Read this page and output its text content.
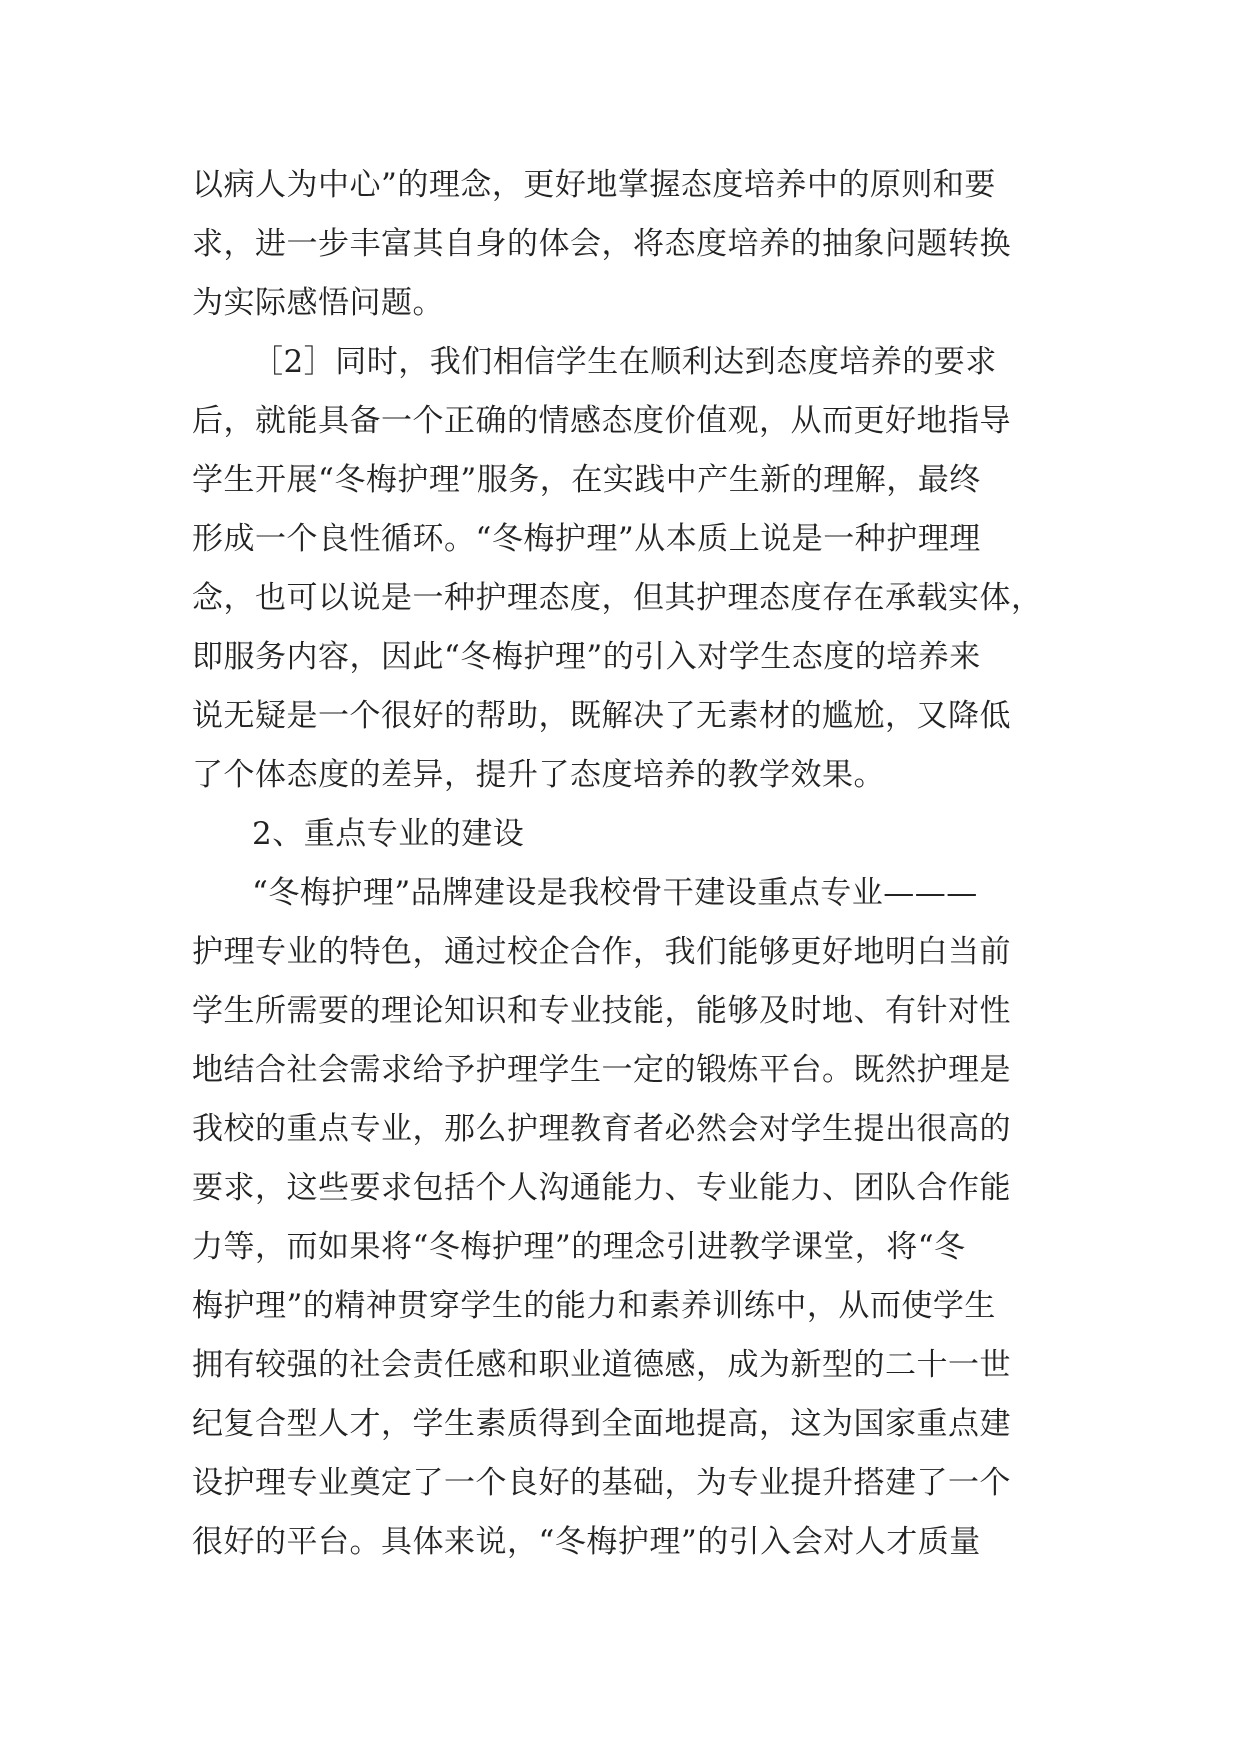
以病人为中心”的理念，更好地掌握态度培养中的原则和要
求，进一步丰富其自身的体会，将态度培养的抽象问题转换
为实际感悟问题。
［2］同时，我们相信学生在顺利达到态度培养的要求
后，就能具备一个正确的情感态度价值观，从而更好地指导
学生开展“冬梅护理”服务，在实践中产生新的理解，最终
形成一个良性循环。“冬梅护理”从本质上说是一种护理理
念，也可以说是一种护理态度，但其护理态度存在承载实体，
即服务内容，因此“冬梅护理”的引入对学生态度的培养来
说无疑是一个很好的帮助，既解决了无素材的尴尬，又降低
了个体态度的差异，提升了态度培养的教学效果。
2、重点专业的建设
“冬梅护理”品牌建设是我校骨干建设重点专业———
护理专业的特色，通过校企合作，我们能够更好地明白当前
学生所需要的理论知识和专业技能，能够及时地、有针对性
地结合社会需求给予护理学生一定的锻炼平台。既然护理是
我校的重点专业，那么护理教育者必然会对学生提出很高的
要求，这些要求包括个人沟通能力、专业能力、团队合作能
力等，而如果将“冬梅护理”的理念引进教学课堂，将“冬
梅护理”的精神贯穿学生的能力和素养训练中，从而使学生
拥有较强的社会责任感和职业道德感，成为新型的二十一世
纪复合型人才，学生素质得到全面地提高，这为国家重点建
设护理专业奠定了一个良好的基础，为专业提升搭建了一个
很好的平台。具体来说，“冬梅护理”的引入会对人才质量
